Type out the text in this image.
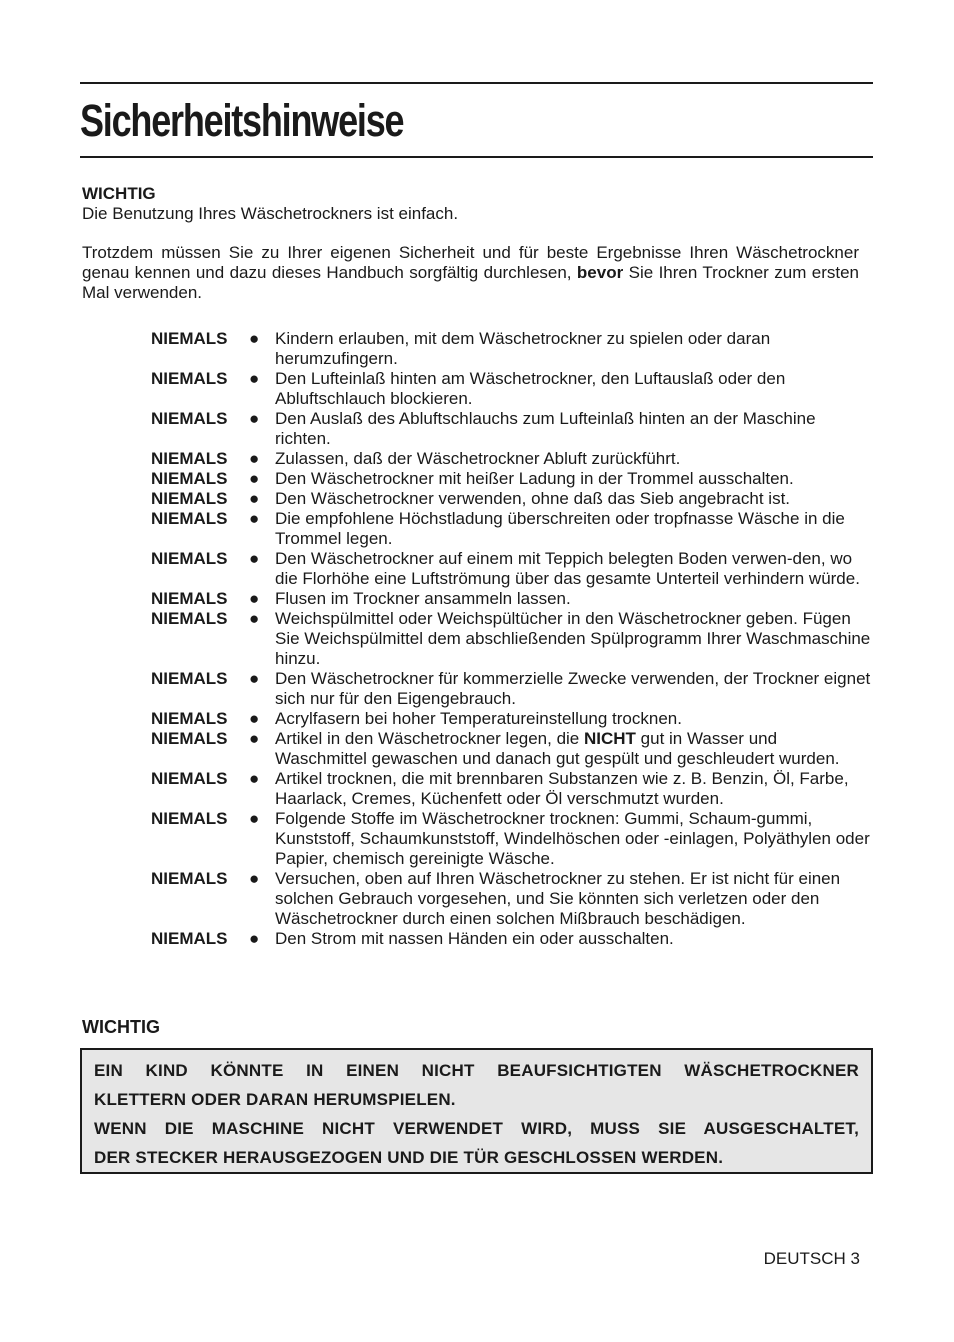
Sicherheitshinweise
WICHTIG
Die Benutzung Ihres Wäschetrockners ist einfach.
Trotzdem müssen Sie zu Ihrer eigenen Sicherheit und für beste Ergebnisse Ihren Wäschetrockner genau kennen und dazu dieses Handbuch sorgfältig durchlesen, bevor Sie Ihren Trockner zum ersten Mal verwenden.
NIEMALS	● Kindern erlauben, mit dem Wäschetrockner zu spielen oder daran herumzufingern.
NIEMALS	● Den Lufteinlaß hinten am Wäschetrockner, den Luftauslaß oder den Abluftschlauch blockieren.
NIEMALS	● Den Auslaß des Abluftschlauchs zum Lufteinlaß hinten an der Maschine richten.
NIEMALS	● Zulassen, daß der Wäschetrockner Abluft zurückführt.
NIEMALS	● Den Wäschetrockner mit heißer Ladung in der Trommel ausschalten.
NIEMALS	● Den Wäschetrockner verwenden, ohne daß das Sieb angebracht ist.
NIEMALS	● Die empfohlene Höchstladung überschreiten oder tropfnasse Wäsche in die Trommel legen.
NIEMALS	● Den Wäschetrockner auf einem mit Teppich belegten Boden verwen-den, wo die Florhöhe eine Luftströmung über das gesamte Unterteil verhindern würde.
NIEMALS	● Flusen im Trockner ansammeln lassen.
NIEMALS	● Weichspülmittel oder Weichspültücher in den Wäschetrockner geben. Fügen Sie Weichspülmittel dem abschließenden Spülprogramm Ihrer Waschmaschine hinzu.
NIEMALS	● Den Wäschetrockner für kommerzielle Zwecke verwenden, der Trockner eignet sich nur für den Eigengebrauch.
NIEMALS	● Acrylfasern bei hoher Temperatureinstellung trocknen.
NIEMALS	● Artikel in den Wäschetrockner legen, die NICHT gut in Wasser und Waschmittel gewaschen und danach gut gespült und geschleudert wurden.
NIEMALS	● Artikel trocknen, die mit brennbaren Substanzen wie z. B. Benzin, Öl, Farbe, Haarlack, Cremes, Küchenfett oder Öl verschmutzt wurden.
NIEMALS	● Folgende Stoffe im Wäschetrockner trocknen: Gummi, Schaum-gummi, Kunststoff, Schaumkunststoff, Windelhöschen oder -einlagen, Polyäthylen oder Papier, chemisch gereinigte Wäsche.
NIEMALS	● Versuchen, oben auf Ihren Wäschetrockner zu stehen. Er ist nicht für einen solchen Gebrauch vorgesehen, und Sie könnten sich verletzen oder den Wäschetrockner durch einen solchen Mißbrauch beschädigen.
NIEMALS	● Den Strom mit nassen Händen ein oder ausschalten.
WICHTIG
EIN KIND KÖNNTE IN EINEN NICHT BEAUFSICHTIGTEN WÄSCHETROCKNER
KLETTERN ODER DARAN HERUMSPIELEN.
WENN DIE MASCHINE NICHT VERWENDET WIRD, MUSS SIE AUSGESCHALTET,
DER STECKER HERAUSGEZOGEN UND DIE TÜR GESCHLOSSEN WERDEN.
DEUTSCH 3
